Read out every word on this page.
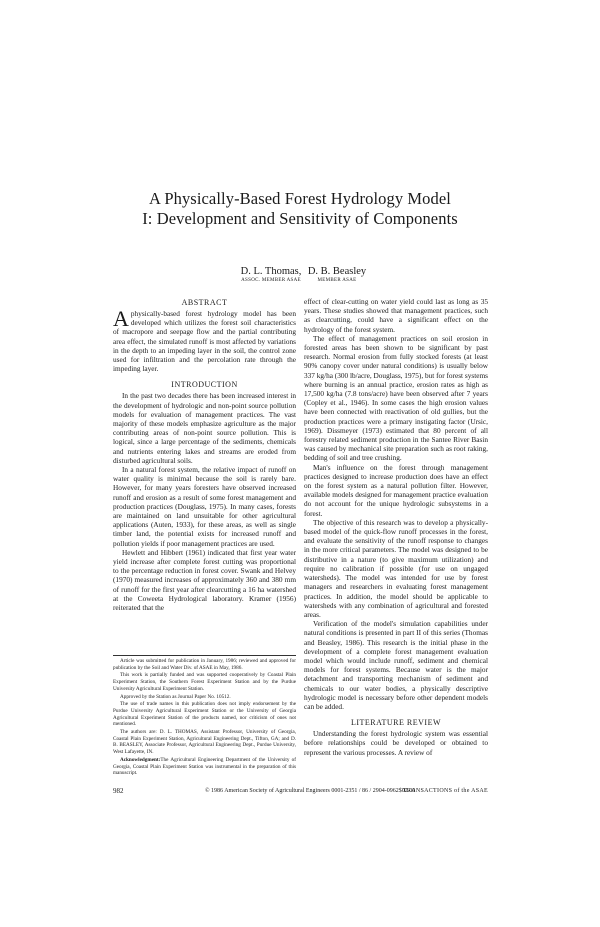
A Physically-Based Forest Hydrology Model
I: Development and Sensitivity of Components
D. L. Thomas,
ASSOC. MEMBER ASAE
D. B. Beasley
MEMBER ASAE
ABSTRACT

Aphysically-based forest hydrology model has been developed which utilizes the forest soil characteristics of macropore and seepage flow and the partial contributing area effect, the simulated runoff is most affected by variations in the depth to an impeding layer in the soil, the control zone used for infiltration and the percolation rate through the impeding layer.

INTRODUCTION

In the past two decades there has been increased interest in the development of hydrologic and non-point source pollution models for evaluation of management practices. The vast majority of these models emphasize agriculture as the major contributing areas of non-point source pollution. This is logical, since a large percentage of the sediments, chemicals and nutrients entering lakes and streams are eroded from disturbed agricultural soils.

In a natural forest system, the relative impact of runoff on water quality is minimal because the soil is rarely bare. However, for many years foresters have observed increased runoff and erosion as a result of some forest management and production practices (Douglass, 1975). In many cases, forests are maintained on land unsuitable for other agricultural applications (Auten, 1933), for these areas, as well as single timber land, the potential exists for increased runoff and pollution yields if poor management practices are used.

Hewlett and Hibbert (1961) indicated that first year water yield increase after complete forest cutting was proportional to the percentage reduction in forest cover. Swank and Helvey (1970) measured increases of approximately 360 and 380 mm of runoff for the first year after clearcutting a 16 ha watershed at the Coweeta Hydrological laboratory. Kramer (1956) reiterated that the

Article was submitted for publication in January, 1986; reviewed and approved for publication by the Soil and Water Div. of ASAE in May, 1986.

This work is partially funded and was supported cooperatively by Coastal Plain Experiment Station, the Southern Forest Experiment Station and by the Purdue University Agricultural Experiment Station.

Approved by the Station as Journal Paper No. 10512.

The use of trade names in this publication does not imply endorsement by the Purdue University Agricultural Experiment Station or the University of Georgia Agricultural Experiment Station of the products named, nor criticism of ones not mentioned.

The authors are: D. L. THOMAS, Assistant Professor, University of Georgia, Coastal Plain Experiment Station, Agricultural Engineering Dept., Tifton, GA; and D. B. BEASLEY, Associate Professor, Agricultural Engineering Dept., Purdue University, West Lafayette, IN.

Acknowledgment:The Agricultural Engineering Department of the University of Georgia, Coastal Plain Experiment Station was instrumental in the preparation of this manuscript.

effect of clear-cutting on water yield could last as long as 35 years. These studies showed that management practices, such as clearcutting, could have a significant effect on the hydrology of the forest system.

The effect of management practices on soil erosion in forested areas has been shown to be significant by past research. Normal erosion from fully stocked forests (at least 90% canopy cover under natural conditions) is usually below 337 kg/ha (300 lb/acre, Douglass, 1975), but for forest systems where burning is an annual practice, erosion rates as high as 17,500 kg/ha (7.8 tons/acre) have been observed after 7 years (Copley et al., 1946). In some cases the high erosion values have been connected with reactivation of old gullies, but the production practices were a primary instigating factor (Ursic, 1969). Dissmeyer (1973) estimated that 80 percent of all forestry related sediment production in the Santee River Basin was caused by mechanical site preparation such as root raking, bedding of soil and tree crushing.

Man's influence on the forest through management practices designed to increase production does have an effect on the forest system as a natural pollution filter. However, available models designed for management practice evaluation do not account for the unique hydrologic subsystems in a forest.

The objective of this research was to develop a physically-based model of the quick-flow runoff processes in the forest, and evaluate the sensitivity of the runoff response to changes in the more critical parameters. The model was designed to be distributive in a nature (to give maximum utilization) and require no calibration if possible (for use on ungaged watersheds). The model was intended for use by forest managers and researchers in evaluating forest management practices. In addition, the model should be applicable to watersheds with any combination of agricultural and forested areas.

Verification of the model's simulation capabilities under natural conditions is presented in part II of this series (Thomas and Beasley, 1986). This research is the initial phase in the development of a complete forest management evaluation model which would include runoff, sediment and chemical models for forest systems. Because water is the major detachment and transporting mechanism of sediment and chemicals to our water bodies, a physically descriptive hydrologic model is necessary before other dependent models can be added.

LITERATURE REVIEW

Understanding the forest hydrologic system was essential before relationships could be developed or obtained to represent the various processes. A review of

982	© 1986 American Society of Agricultural Engineers 0001-2351 / 86 / 2904-0962$02.00
TRANSACTIONS of the ASAE
